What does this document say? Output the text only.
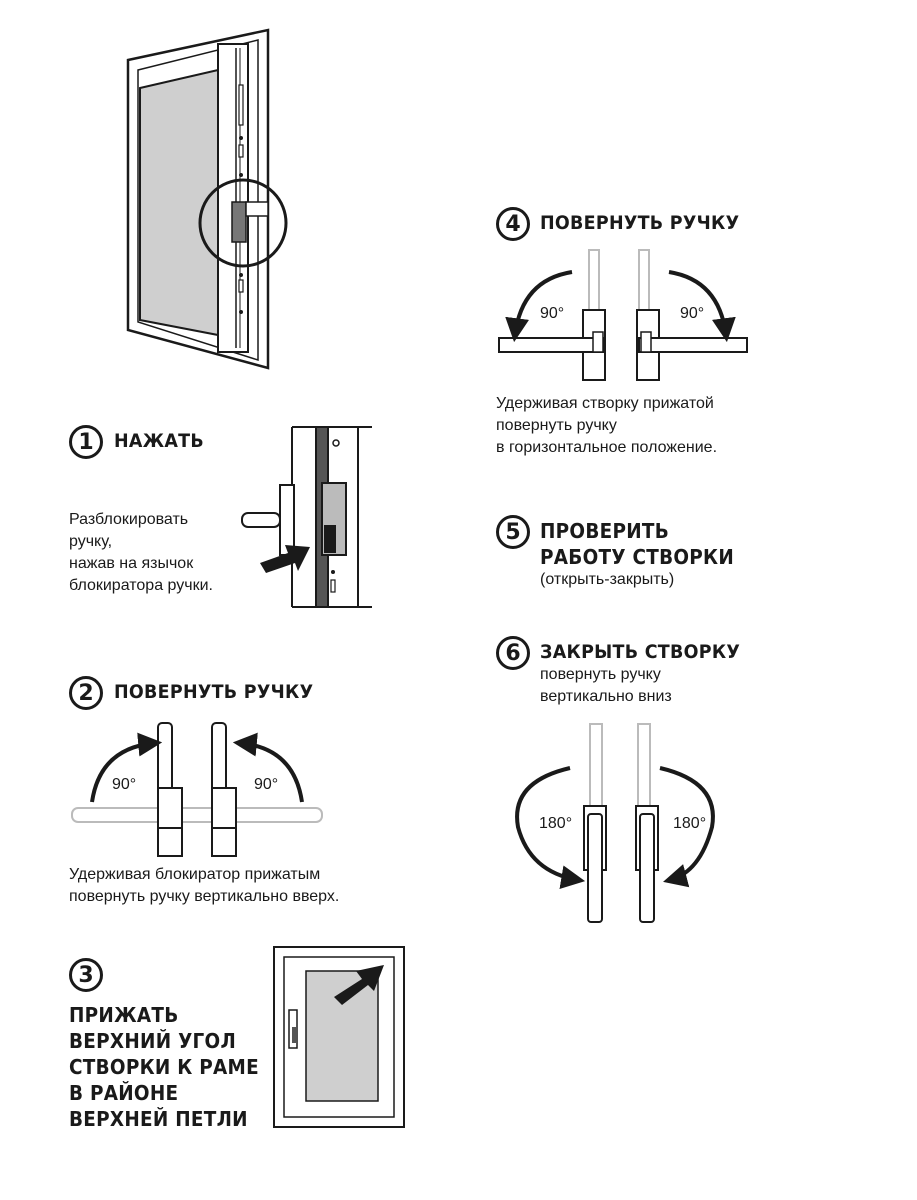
1	НАЖАТЬ
Разблокировать
ручку,
нажав на язычок
блокиратора ручки.
2	ПОВЕРНУТЬ РУЧКУ
90°	90°
Удерживая блокиратор прижатым
повернуть ручку вертикально вверх.
3
ПРИЖАТЬ
ВЕРХНИЙ УГОЛ
СТВОРКИ К РАМЕ
В РАЙОНЕ
ВЕРХНЕЙ ПЕТЛИ
4	ПОВЕРНУТЬ РУЧКУ
90°	90°
Удерживая створку прижатой
повернуть ручку
в горизонтальное положение.
5 ПРОВЕРИТЬ
РАБОТУ СТВОРКИ
(открыть-закрыть)
6	ЗАКРЫТЬ СТВОРКУ
повернуть ручку
вертикально вниз
180°	180°
